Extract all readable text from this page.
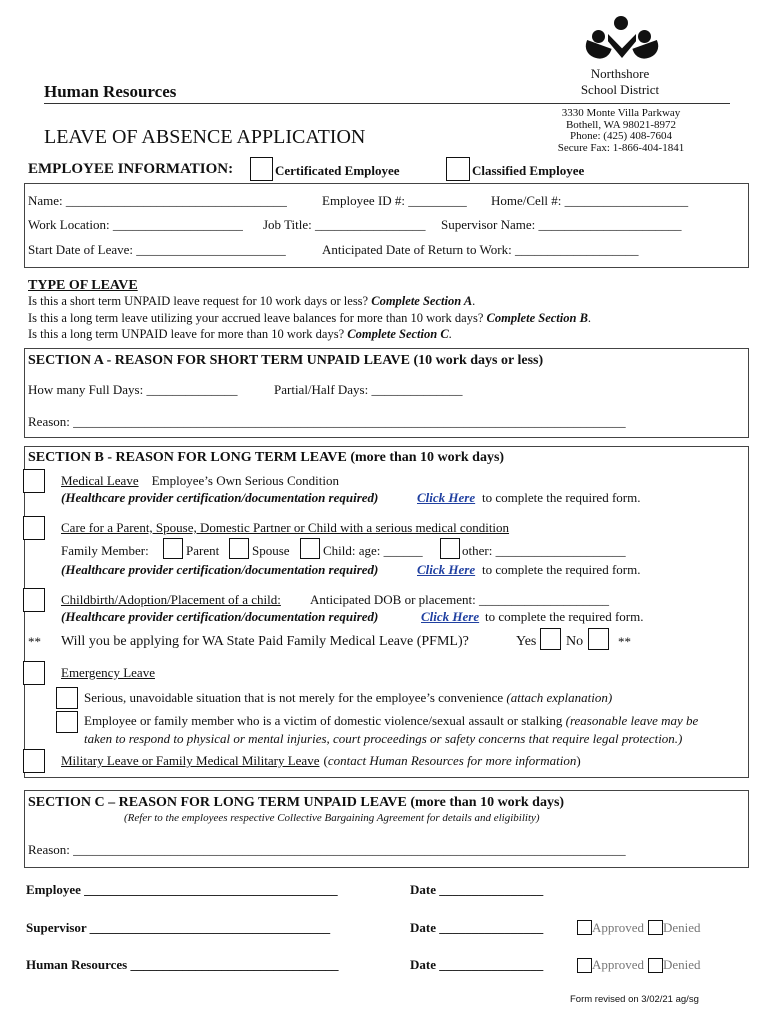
Northshore
School District
Human Resources
3330 Monte Villa Parkway
Bothell, WA 98021-8972
Phone: (425) 408-7604
Secure Fax: 1-866-404-1841
LEAVE OF ABSENCE APPLICATION
EMPLOYEE INFORMATION:	Certificated Employee	Classified Employee
Name: __________________________________	Employee ID #: _________ Home/Cell #: ___________________
Work Location: ____________________ Job Title: _________________ Supervisor Name: ______________________
Start Date of Leave: _______________________	Anticipated Date of Return to Work: ___________________
TYPE OF LEAVE
Is this a short term UNPAID leave request for 10 work days or less? Complete Section A.
Is this a long term leave utilizing your accrued leave balances for more than 10 work days? Complete Section B.
Is this a long term UNPAID leave for more than 10 work days? Complete Section C.
SECTION A - REASON FOR SHORT TERM UNPAID LEAVE (10 work days or less)
How many Full Days: ______________	Partial/Half Days: ______________
Reason: _____________________________________________________________________________________
SECTION B - REASON FOR LONG TERM LEAVE (more than 10 work days)
Medical Leave Employee’s Own Serious Condition
(Healthcare provider certification/documentation required)	Click Here to complete the required form.
Care for a Parent, Spouse, Domestic Partner or Child with a serious medical condition
Family Member:	Parent	Spouse	Child: age: ______	other: ____________________
(Healthcare provider certification/documentation required)	Click Here to complete the required form.
Childbirth/Adoption/Placement of a child: Anticipated DOB or placement: ____________________
(Healthcare provider certification/documentation required)	Click Here to complete the required form.
** Will you be applying for WA State Paid Family Medical Leave (PFML)?	Yes No	**
Emergency Leave
Serious, unavoidable situation that is not merely for the employee’s convenience (attach explanation)
Employee or family member who is a victim of domestic violence/sexual assault or stalking (reasonable leave may be
taken to respond to physical or mental injuries, court proceedings or safety concerns that require legal protection.)
Military Leave or Family Medical Military Leave (contact Human Resources for more information)
SECTION C – REASON FOR LONG TERM UNPAID LEAVE (more than 10 work days)
(Refer to the employees respective Collective Bargaining Agreement for details and eligibility)
Reason: _____________________________________________________________________________________
Employee _______________________________________	Date ________________
Supervisor _____________________________________	Date ________________	Approved Denied
Human Resources ________________________________	Date ________________	Approved Denied
Form revised on 3/02/21 ag/sg
